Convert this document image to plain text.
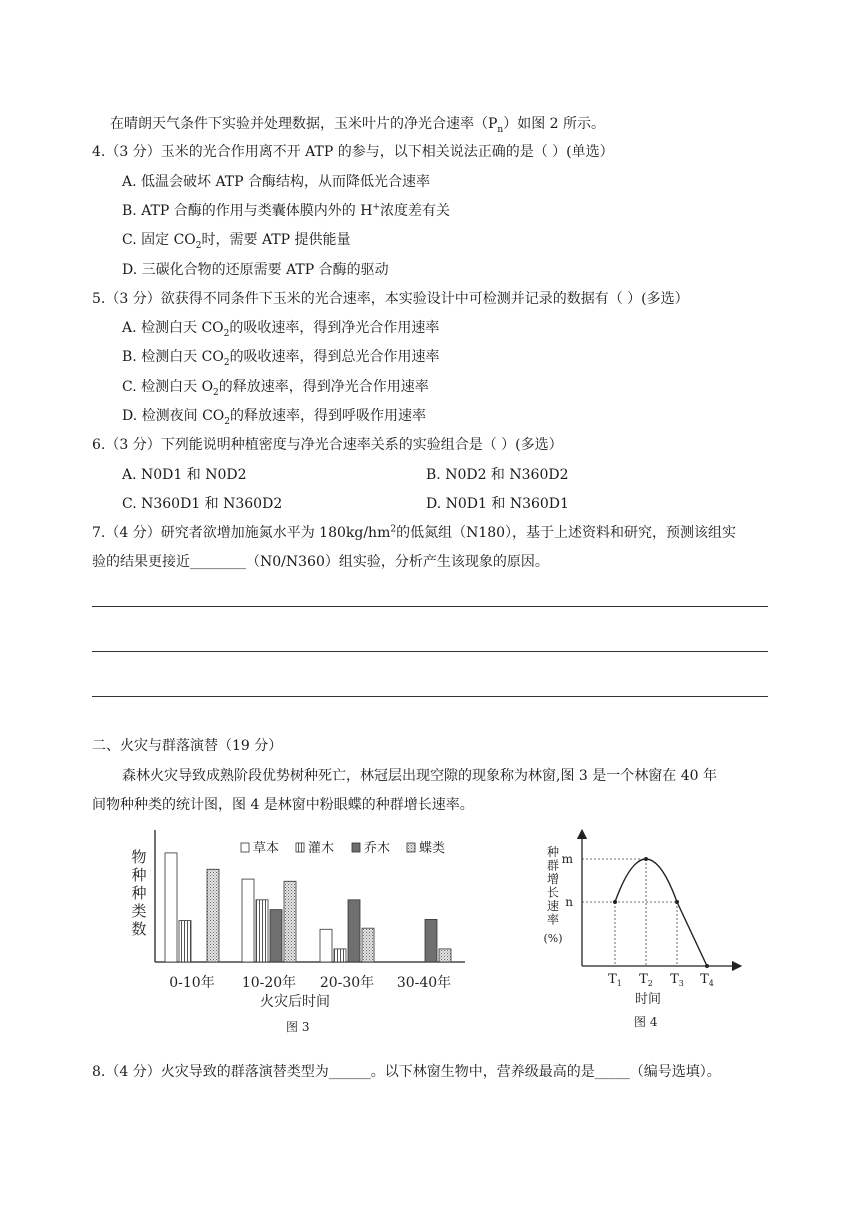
在晴朗天气条件下实验并处理数据，玉米叶片的净光合速率$(P_n)$如图 2 所示。
4.（3 分）玉米的光合作用离不开 ATP 的参与，以下相关说法正确的是（ ）(单选）
A. 低温会破坏 ATP 合酶结构，从而降低光合速率
B. ATP 合酶的作用与类囊体膜内外的 H+浓度差有关
C. 固定 $CO_2$时，需要 ATP 提供能量
D. 三碳化合物的还原需要 ATP 合酶的驱动
5.（3 分）欲获得不同条件下玉米的光合速率，本实验设计中可检测并记录的数据有（ ）(多选）
A. 检测白天 $CO_2$的吸收速率，得到净光合作用速率
B. 检测白天 $CO_2$的吸收速率，得到总光合作用速率
C. 检测白天 $O_2$的释放速率，得到净光合作用速率
D. 检测夜间 $CO_2$的释放速率，得到呼吸作用速率
6.（3 分）下列能说明种植密度与净光合速率关系的实验组合是（ ）(多选）
A. N0D1 和 N0D2	B. N0D2 和 N360D2
C. N360D1 和 N360D2	D. N0D1 和 N360D1
7.（4 分）研究者欲增加施氮水平为 $180kg/hm^2$的低氮组（N180），基于上述资料和研究，预测该组实
验的结果更接近________（N0/N360）组实验，分析产生该现象的原因。
二、火灾与群落演替（19 分）
森林火灾导致成熟阶段优势树种死亡，林冠层出现空隙的现象称为林窗,图 3 是一个林窗在 40 年
间物种种类的统计图，图 4 是林窗中粉眼蝶的种群增长速率。
物
种
种
类
数
草本 灌木 乔木 蝶类
0-10年 10-20年 20-30年 30-40年
火灾后时间
图 3
种
群
增
长
速
率
(%)
m
n
$T_1$ $T_2$ $T_3$ $T_4$
时间
图 4
8.（4 分）火灾导致的群落演替类型为______。以下林窗生物中，营养级最高的是_____（编号选填）。
